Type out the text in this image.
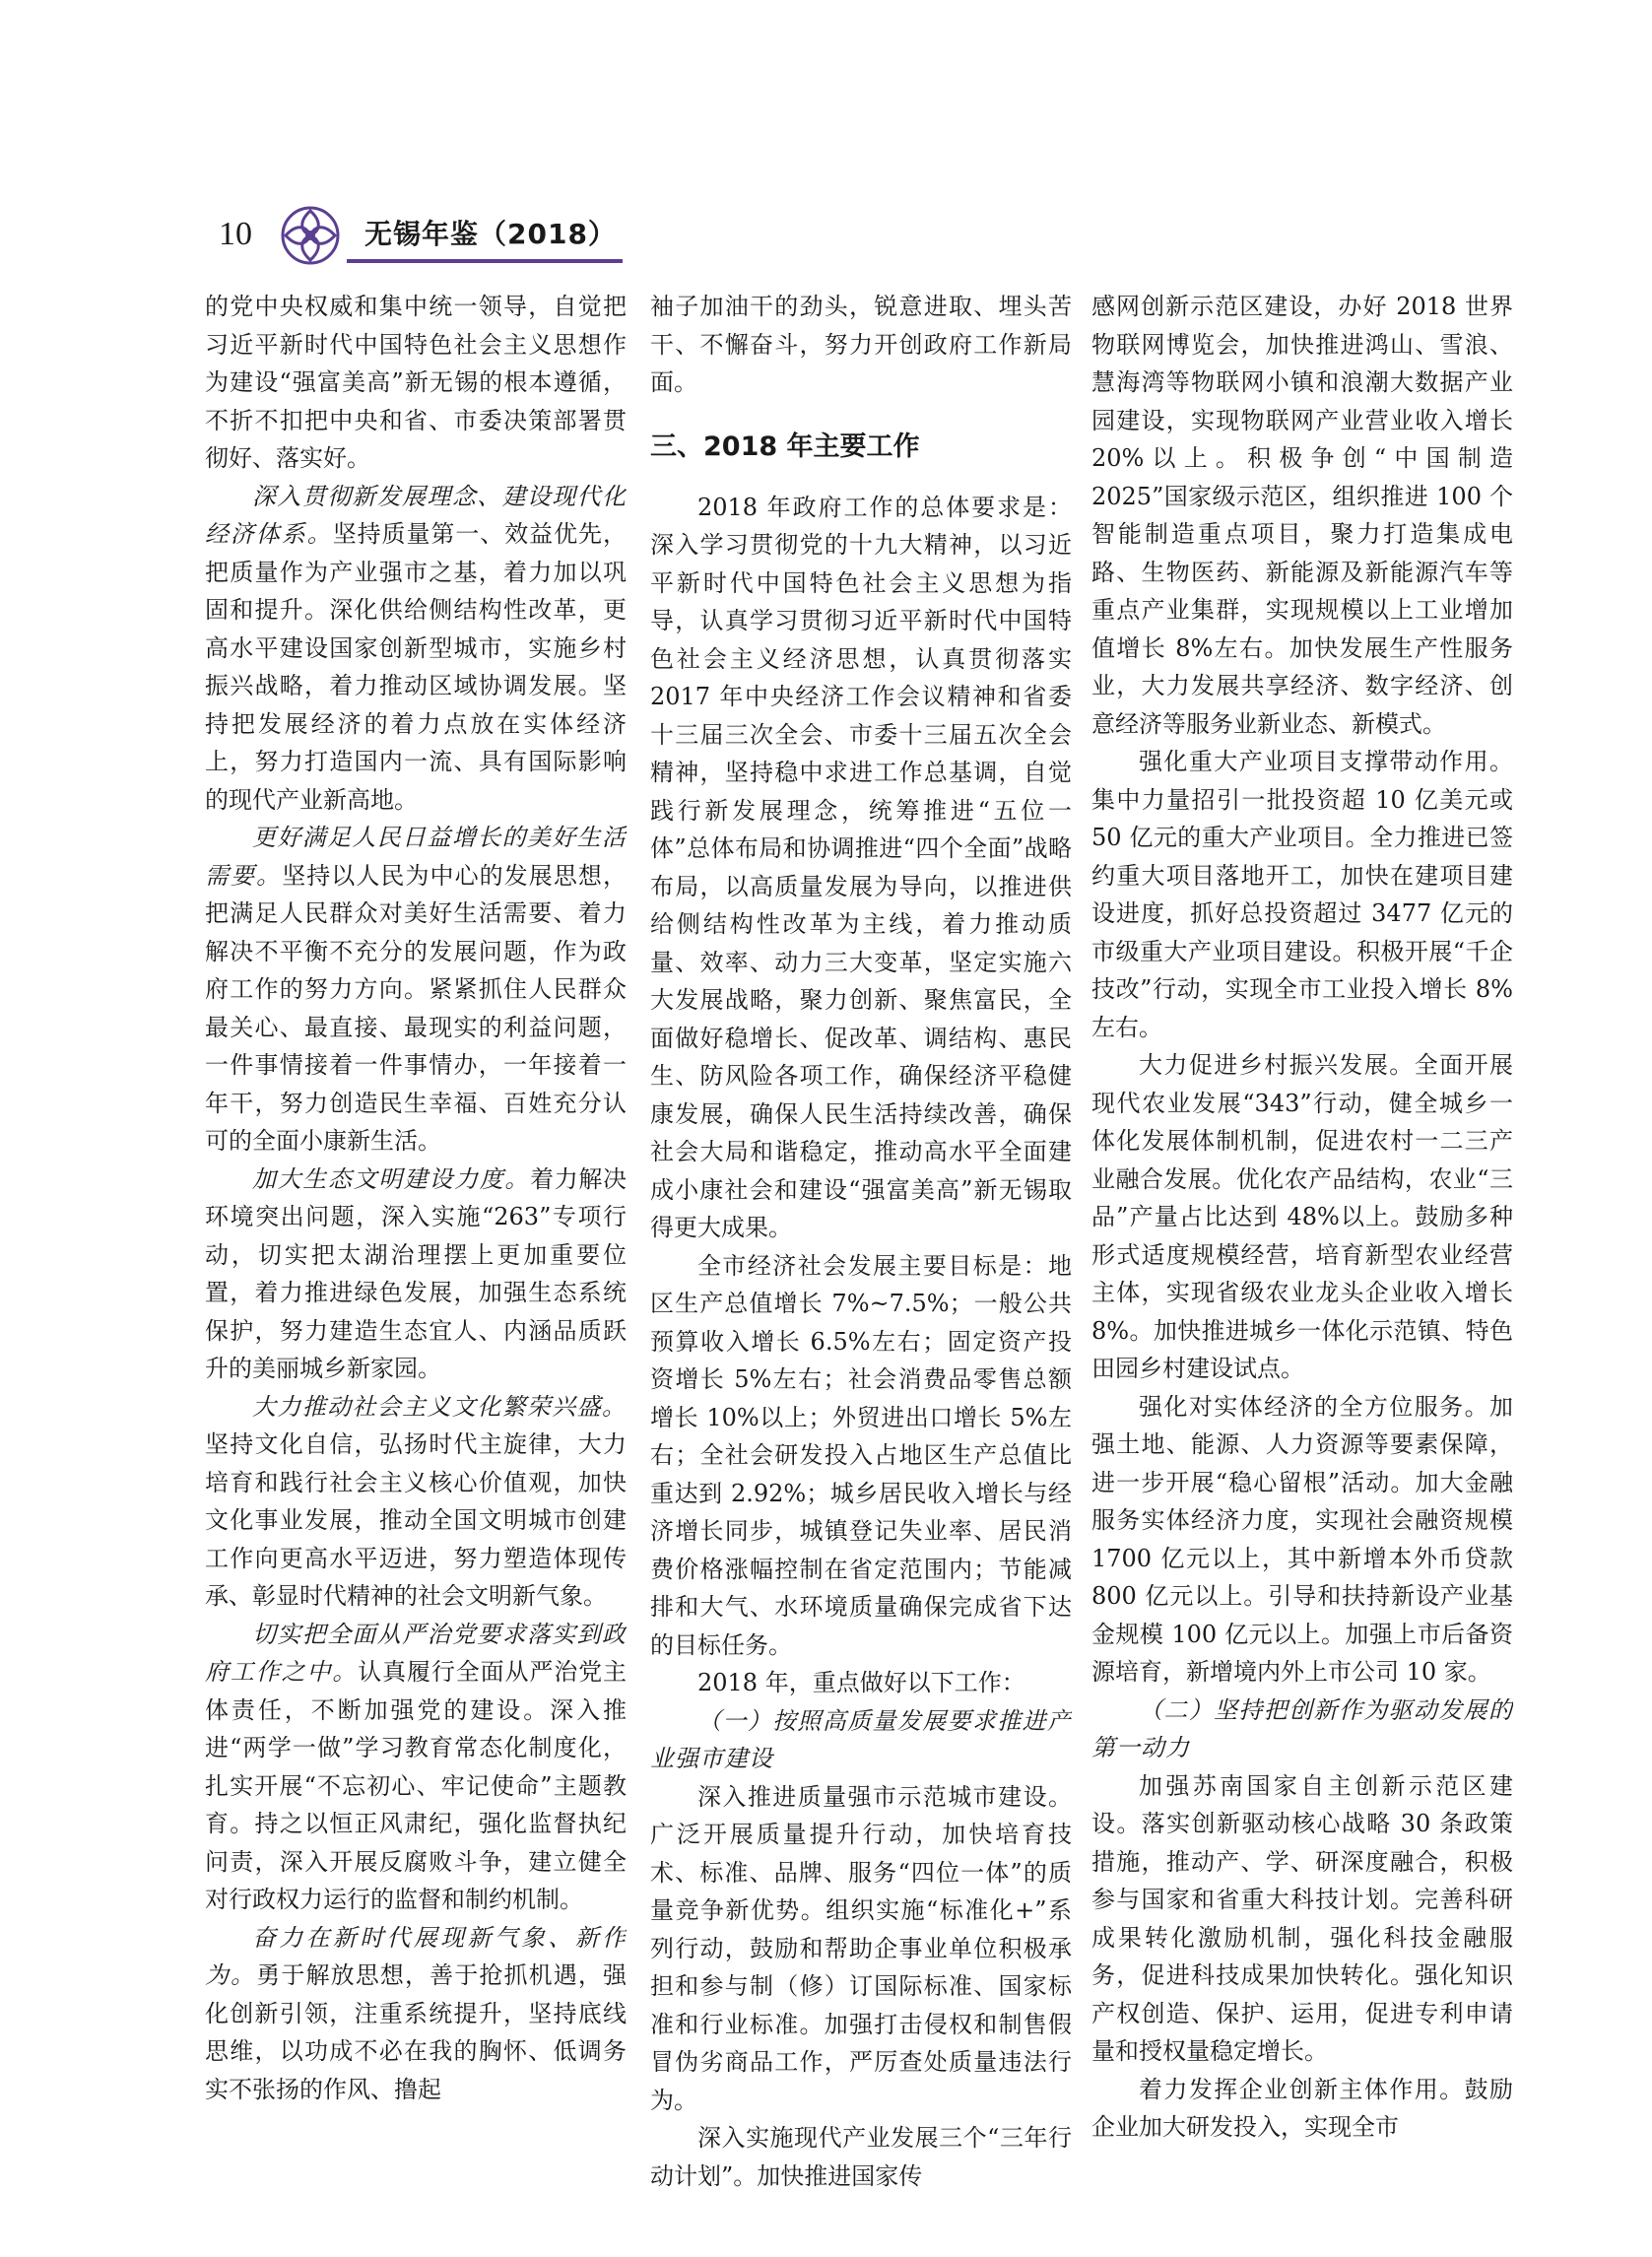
10	无锡年鉴（2018）

的党中央权威和集中统一领导，自觉把习近平新时代中国特色社会主义思想作为建设“强富美高”新无锡的根本遵循，不折不扣把中央和省、市委决策部署贯彻好、落实好。

深入贯彻新发展理念、建设现代化经济体系。坚持质量第一、效益优先，把质量作为产业强市之基，着力加以巩固和提升。深化供给侧结构性改革，更高水平建设国家创新型城市，实施乡村振兴战略，着力推动区域协调发展。坚持把发展经济的着力点放在实体经济上，努力打造国内一流、具有国际影响的现代产业新高地。

更好满足人民日益增长的美好生活需要。坚持以人民为中心的发展思想，把满足人民群众对美好生活需要、着力解决不平衡不充分的发展问题，作为政府工作的努力方向。紧紧抓住人民群众最关心、最直接、最现实的利益问题，一件事情接着一件事情办，一年接着一年干，努力创造民生幸福、百姓充分认可的全面小康新生活。

加大生态文明建设力度。着力解决环境突出问题，深入实施“263”专项行动，切实把太湖治理摆上更加重要位置，着力推进绿色发展，加强生态系统保护，努力建造生态宜人、内涵品质跃升的美丽城乡新家园。

大力推动社会主义文化繁荣兴盛。坚持文化自信，弘扬时代主旋律，大力培育和践行社会主义核心价值观，加快文化事业发展，推动全国文明城市创建工作向更高水平迈进，努力塑造体现传承、彰显时代精神的社会文明新气象。

切实把全面从严治党要求落实到政府工作之中。认真履行全面从严治党主体责任，不断加强党的建设。深入推进“两学一做”学习教育常态化制度化，扎实开展“不忘初心、牢记使命”主题教育。持之以恒正风肃纪，强化监督执纪问责，深入开展反腐败斗争，建立健全对行政权力运行的监督和制约机制。

奋力在新时代展现新气象、新作为。勇于解放思想，善于抢抓机遇，强化创新引领，注重系统提升，坚持底线思维，以功成不必在我的胸怀、低调务实不张扬的作风、撸起

袖子加油干的劲头，锐意进取、埋头苦干、不懈奋斗，努力开创政府工作新局面。

三、2018 年主要工作

2018 年政府工作的总体要求是：深入学习贯彻党的十九大精神，以习近平新时代中国特色社会主义思想为指导，认真学习贯彻习近平新时代中国特色社会主义经济思想，认真贯彻落实 2017 年中央经济工作会议精神和省委十三届三次全会、市委十三届五次全会精神，坚持稳中求进工作总基调，自觉践行新发展理念，统筹推进“五位一体”总体布局和协调推进“四个全面”战略布局，以高质量发展为导向，以推进供给侧结构性改革为主线，着力推动质量、效率、动力三大变革，坚定实施六大发展战略，聚力创新、聚焦富民，全面做好稳增长、促改革、调结构、惠民生、防风险各项工作，确保经济平稳健康发展，确保人民生活持续改善，确保社会大局和谐稳定，推动高水平全面建成小康社会和建设“强富美高”新无锡取得更大成果。

全市经济社会发展主要目标是：地区生产总值增长 7%~7.5%；一般公共预算收入增长 6.5%左右；固定资产投资增长 5%左右；社会消费品零售总额增长 10%以上；外贸进出口增长 5%左右；全社会研发投入占地区生产总值比重达到 2.92%；城乡居民收入增长与经济增长同步，城镇登记失业率、居民消费价格涨幅控制在省定范围内；节能减排和大气、水环境质量确保完成省下达的目标任务。

2018 年，重点做好以下工作：

（一）按照高质量发展要求推进产业强市建设

深入推进质量强市示范城市建设。广泛开展质量提升行动，加快培育技术、标准、品牌、服务“四位一体”的质量竞争新优势。组织实施“标准化+”系列行动，鼓励和帮助企事业单位积极承担和参与制（修）订国际标准、国家标准和行业标准。加强打击侵权和制售假冒伪劣商品工作，严厉查处质量违法行为。

深入实施现代产业发展三个“三年行动计划”。加快推进国家传

感网创新示范区建设，办好 2018 世界物联网博览会，加快推进鸿山、雪浪、慧海湾等物联网小镇和浪潮大数据产业园建设，实现物联网产业营业收入增长 20%以上。积极争创“中国制造 2025”国家级示范区，组织推进 100 个智能制造重点项目，聚力打造集成电路、生物医药、新能源及新能源汽车等重点产业集群，实现规模以上工业增加值增长 8%左右。加快发展生产性服务业，大力发展共享经济、数字经济、创意经济等服务业新业态、新模式。

强化重大产业项目支撑带动作用。集中力量招引一批投资超 10 亿美元或 50 亿元的重大产业项目。全力推进已签约重大项目落地开工，加快在建项目建设进度，抓好总投资超过 3477 亿元的市级重大产业项目建设。积极开展“千企技改”行动，实现全市工业投入增长 8%左右。

大力促进乡村振兴发展。全面开展现代农业发展“343”行动，健全城乡一体化发展体制机制，促进农村一二三产业融合发展。优化农产品结构，农业“三品”产量占比达到 48%以上。鼓励多种形式适度规模经营，培育新型农业经营主体，实现省级农业龙头企业收入增长 8%。加快推进城乡一体化示范镇、特色田园乡村建设试点。

强化对实体经济的全方位服务。加强土地、能源、人力资源等要素保障，进一步开展“稳心留根”活动。加大金融服务实体经济力度，实现社会融资规模 1700 亿元以上，其中新增本外币贷款 800 亿元以上。引导和扶持新设产业基金规模 100 亿元以上。加强上市后备资源培育，新增境内外上市公司 10 家。

（二）坚持把创新作为驱动发展的第一动力

加强苏南国家自主创新示范区建设。落实创新驱动核心战略 30 条政策措施，推动产、学、研深度融合，积极参与国家和省重大科技计划。完善科研成果转化激励机制，强化科技金融服务，促进科技成果加快转化。强化知识产权创造、保护、运用，促进专利申请量和授权量稳定增长。

着力发挥企业创新主体作用。鼓励企业加大研发投入，实现全市
